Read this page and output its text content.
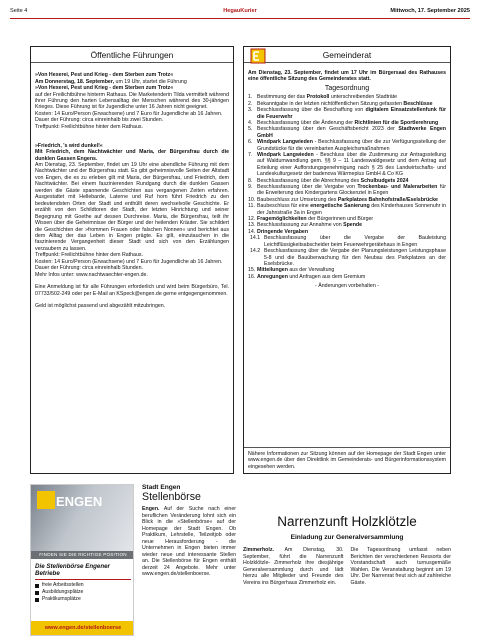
Seite 4	HegauKurier	Mittwoch, 17. September 2025
Öffentliche Führungen

»Von Hexerei, Pest und Krieg - dem Sterben zum Trotz«

Am Donnerstag, 18. September, um 19 Uhr, startet die Führung

»Von Hexerei, Pest und Krieg - dem Sterben zum Trotz«

auf der Freilichtbühne hinterm Rathaus. Die Marketenderin Tilda vermittelt während ihrer Führung den harten Lebensalltag der Menschen während des 30-jährigen Krieges. Diese Führung ist für Jugendliche unter 16 Jahren nicht geeignet.

Kosten: 14 Euro/Person (Erwachsene) und 7 Euro für Jugendliche ab 16 Jahren.

Dauer der Führung: circa einreinhalb bis zwei Stunden.

Treffpunkt: Freilichtbühne hinter dem Rathaus.

»Friedrich, 's wird dunkel!«

Mit Friedrich, dem Nachtwächter und Maria, der Bürgersfrau durch die dunklen Gassen Engens.

Am Dienstag, 23. September, findet um 19 Uhr eine abendliche Führung mit dem Nachtwächter und der Bürgersfrau statt. Es gibt geheimnisvolle Seiten der Altstadt von Engen, die es zu erleben gilt mit Maria, der Bürgersfrau, und Friedrich, dem Nachtwächter. Bei einem faszinierenden Rundgang durch die dunklen Gassen werden die Gäste spannende Geschichten aus vergangenen Zeiten erfahren. Ausgestattet mit Hellebarde, Laterne und Ruf horn führt Friedrich zu den bedeutendsten Orten der Stadt und enthüllt deren wechselvolle Geschichte. Er erzählt von den Schildtoren der Stadt, der letzten Hinrichtung und seiner Begegnung mit Goethe auf dessen Durchreise. Maria, die Bürgersfrau, teilt ihr Wissen über die Geheimnisse der Bürger und der heilenden Kräuter. Sie schildert die Geschichten der »frommen Frauen oder falschen Nonnen« und berichtet aus dem Alltag der das Leben in Engen prägte. Es gilt, einzutauchen in die faszinierende Vergangenheit dieser Stadt und sich von den Erzählungen verzaubern zu lassen.

Treffpunkt: Freilichtbühne hinter dem Rathaus.

Kosten: 14 Euro/Person (Erwachsene) und 7 Euro für Jugendliche ab 16 Jahren.

Dauer der Führung: circa einreinhalb Stunden.

Mehr Infos unter: www.nachtwaechter-engen.de.

Eine Anmeldung ist für alle Führungen erforderlich und wird beim Bürgerbüro, Tel. 07733/502-249 oder per E-Mail an KSpeck@engen.de gerne entgegengenommen.

Geld ist möglichst passend und abgezählt mitzubringen.

Gemeinderat

Am Dienstag, 23. September, findet um 17 Uhr im Bürgersaal des Rathauses eine öffentliche Sitzung des Gemeinderates statt.

Tagesordnung
1. Bestimmung der das Protokoll unterschreibenden Stadträte
2. Bekanntgabe in der letzten nichtöffentlichen Sitzung gefassten Beschlüsse
3. Beschlussfassung über die Beschaffung von digitalem Einsatzstellenfunk für die Feuerwehr
4. Beschlussfassung über die Änderung der Richtlinien für die Sportlerehrung
5. Beschlussfassung über den Geschäftsbericht 2023 der Stadtwerke Engen GmbH
6. Windpark Langwieden - Beschlussfassung über die zur Verfügungsstellung der Grundstücke für die vereinbarten Ausgleichsmaßnahmen
7. Windpark Langwieden - Beschluss über die Zustimmung zur Antragsstellung auf Waldumwandlung gem. §§ 9 – 11 Landeswaldgesetz und dem Antrag auf Erteilung einer Aufforstungsgenehmigung nach § 25 des Landwirtschafts- und Landeskulturgesetz der badenova Wärmeplus GmbH & Co KG
8. Beschlussfassung über die Abrechnung des Schulbudgets 2024
9. Beschlussfassung über die Vergabe von Trockenbau- und Malerarbeiten für die Erweiterung des Kindergartens Glockenziel in Engen
10. Baubeschluss zur Umsetzung des Parkplatzes Bahnhofstraße/Eselsbrücke
11. Baubeschluss für eine energetische Sanierung des Kinderhauses Sonnenuhr in der Jahnstraße 3a in Engen
12. Fragemöglichkeiten der Bürgerinnen und Bürger
13. Beschlussfassung zur Annahme von Spende
14. Dringende Vergaben
14.1 Beschlussfassung über die Vergabe der Bauleistung Leichtflüssigkeitsabscheider beim Feuerwehrgerätehaus in Engen
14.2 Beschlussfassung über die Vergabe der Planungsleistungen Leistungsphase 5-8 und die Bauüberwachung für den Neubau des Parkplatzes an der Eselsbrücke.
15. Mitteilungen aus der Verwaltung
16. Anregungen und Anfragen aus dem Gremium

- Änderungen vorbehalten -

Nähere Informationen zur Sitzung können auf der Homepage der Stadt Engen unter www.engen.de über den Direktlink im Gemeinderats- und Bürgerinformationssystem eingesehen werden.

ENGEN
FINDEN SIE DIE RICHTIGE POSITION
Die Stellenbörse Engener Betriebe
freie Arbeitsstellen
Ausbildungsplätze
Praktikumsplätze
www.engen.de/stellenboerse
Stadt Engen
Stellenbörse

Engen. Auf der Suche nach einer beruflichen Veränderung lohnt sich ein Blick in die »Stellenbörse« auf der Homepage der Stadt Engen. Ob Praktikum, Lehrstelle, Teilzeitjob oder neue Herausforderung - die Unternehmen in Engen bieten immer wieder neue und interessante Stellen an. Die Stellenbörse für Engen enthält derzeit 24 Angebote. Mehr unter www.engen.de/stellenboerse.

Narrenzunft Holzklötzle
Einladung zur Generalversammlung

Zimmerholz. Am Dienstag, 30. September, führt die Narrenzunft Holzklötzle- Zimmerholz ihre diesjährige Generalversammlung durch und lädt hierzu alle Mitglieder und Freunde des Vereins ins Bürgerhaus Zimmerholz ein.

Die Tagesordnung umfasst neben Berichten der verschiedenen Ressorts der Vorstandschaft auch turnusgemäße Wahlen. Die Veranstaltung beginnt um 19 Uhr. Der Narrenrat freut sich auf zahlreiche Gäste.
